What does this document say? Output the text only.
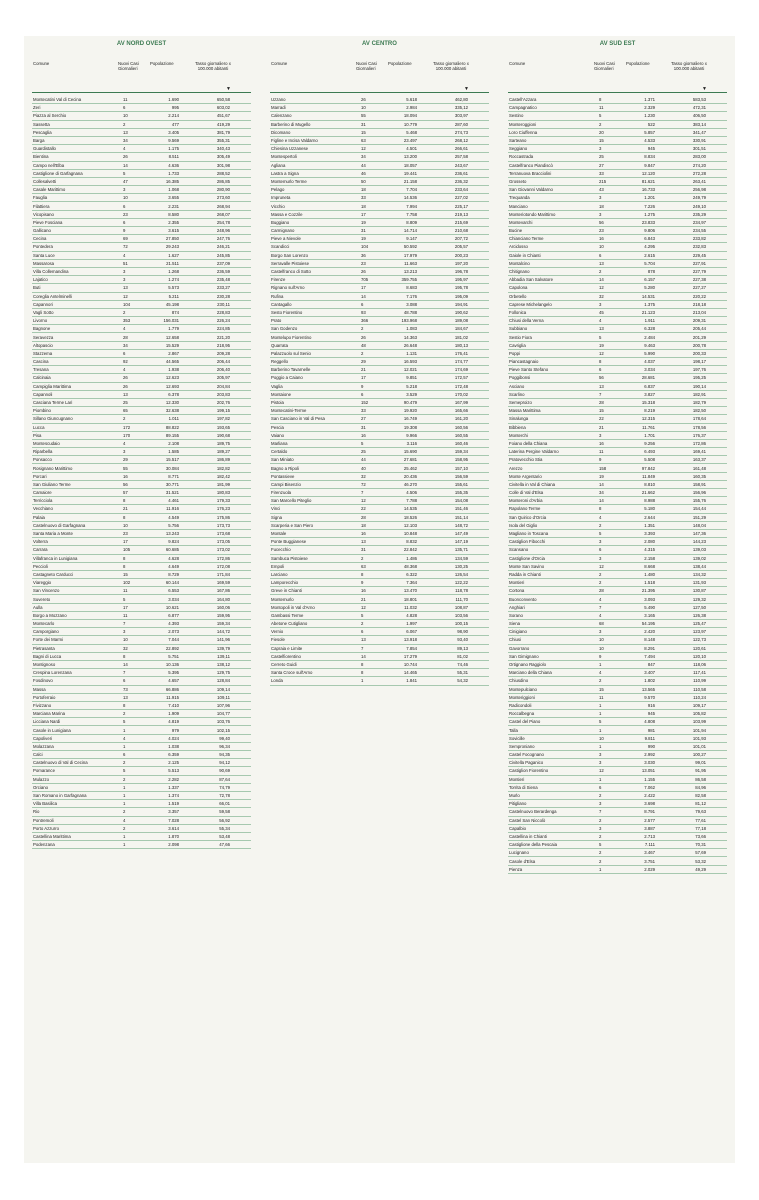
AV NORD OVEST
Comune	Nuovi Casi Giornalieri
Popolazione	Tasso giornaliero x 100.000 abitanti
▼
Montecatini Val di Cecina	11	1.690	650,58
Zeri	6	995	603,02
Piazza al Serchio	10	2.214	451,67
Sassetta	2	477	419,29
Pescaglia	13	3.405	381,79
Barga	34	9.569	355,31
Guardistallo	4	1.175	340,43
Bientina	26	8.511	305,49
Campo nell'Elba	14	4.636	301,98
Castiglione di Garfagnana	5	1.733	288,52
Collesalvetti	47	16.385	286,85
Casale Marittimo	3	1.068	280,90
Fauglia	10	3.655	273,60
Filattiera	6	2.231	268,94
Vicopisano	23	8.580	268,07
Pieve Fosciana	6	2.355	254,78
Gallicano	9	3.615	248,96
Cecina	69	27.850	247,76
Pontedera	72	29.243	246,21
Santa Luce	4	1.627	245,85
Massarosa	51	21.511	237,09
Villa Collemandina	3	1.268	236,59
Lajatico	3	1.274	235,48
Buti	13	5.573	233,27
Coreglia Antelminelli	12	5.211	230,28
Capannori	104	45.198	230,11
Vagli Sotto	2	874	228,83
Livorno	353	156.031	226,24
Bagnone	4	1.779	224,85
Seravezza	28	12.658	221,20
Altopascio	34	15.529	218,95
Stazzema	6	2.867	209,28
Cascina	92	44.565	206,44
Tresana	4	1.938	206,40
Calcinaia	26	12.623	205,97
Campiglia Marittima	26	12.693	204,84
Capannoli	13	6.378	203,83
Casciana Terme Lari	25	12.330	202,76
Piombino	65	32.638	199,15
Sillano Giuncugnano	2	1.011	197,82
Lucca	172	88.822	193,65
Pisa	170	89.155	190,68
Montescudaio	4	2.108	189,75
Riparbella	3	1.585	189,27
Ponsacco	29	15.517	186,89
Rosignano Marittimo	55	30.084	182,82
Porcari	16	8.771	182,42
San Giuliano Terme	56	30.771	181,99
Camaiore	57	31.521	180,83
Terricciola	8	4.461	179,33
Vecchiano	21	11.916	176,23
Palaia	8	4.549	175,86
Castelnuovo di Garfagnana	10	5.756	173,73
Santa Maria a Monte	23	13.243	173,68
Volterra	17	9.824	173,05
Carrara	105	60.685	173,02
Villafranca in Lunigiana	8	4.628	172,86
Peccioli	8	4.649	172,08
Castagneto Carducci	15	8.729	171,84
Viareggio	102	60.144	169,59
San Vincenzo	11	6.553	167,86
Suvereto	5	3.034	164,80
Aulla	17	10.621	160,06
Borgo a Mozzano	11	6.877	159,95
Montecarlo	7	4.393	159,34
Camporgiano	3	2.073	144,72
Forte dei Marmi	10	7.044	141,96
Pietrasanta	32	22.892	139,79
Bagni di Lucca	8	5.751	139,11
Montignoso	14	10.136	138,12
Crespina Lorenzana	7	5.395	129,75
Fosdinovo	6	4.657	128,84
Massa	73	66.886	109,14
Portoferraio	13	11.915	109,11
Fivizzano	8	7.410	107,96
Marciana Marina	2	1.909	104,77
Licciana Nardi	5	4.819	103,76
Casole in Lunigiana	1	979	102,15
Capoliveri	4	4.024	99,40
Molazzana	1	1.038	96,34
Calci	6	6.359	94,35
Castelnuovo di Val di Cecina	2	2.125	94,12
Pomarance	5	5.513	90,69
Mulazzo	2	2.282	87,64
Orciano	1	1.337	74,79
San Romano in Garfagnana	1	1.374	72,78
Villa Basilica	1	1.519	66,01
Rio	2	3.357	59,58
Pontremoli	4	7.028	56,92
Porto Azzurro	2	3.614	55,34
Castellina Marittima	1	1.870	53,48
Podenzana	1	2.098	47,66
AV CENTRO
Comune	Nuovi Casi Giornalieri
Popolazione	Tasso giornaliero x 100.000 abitanti
▼
Uzzano	26	5.618	462,80
Marradi	10	2.984	335,12
Calenzano	55	18.094	303,97
Barberino di Mugello	31	10.779	287,60
Dicomano	15	5.468	274,73
Figline e Incisa Valdarno	63	23.497	268,12
Chiesina Uzzanese	12	4.501	266,61
Montespertoli	34	13.200	257,58
Agliana	44	18.057	243,67
Lastra a Signa	46	19.441	236,61
Montemurlo Terme	50	21.158	236,32
Pelago	18	7.704	233,64
Impruneta	33	14.536	227,02
Vicchio	18	7.994	225,17
Massa e Cozzile	17	7.758	219,13
Buggiano	19	8.809	215,69
Carmignano	31	14.714	210,68
Pieve a Nievole	19	9.147	207,72
Scandicci	104	50.592	205,57
Borgo San Lorenzo	36	17.979	200,23
Serravalle Pistoiese	23	11.663	197,20
Castelfranco di Sotto	26	13.213	196,78
Firenze	705	359.755	195,97
Rignano sull'Arno	17	8.683	195,78
Rufina	14	7.176	195,09
Cantagallo	6	3.088	194,91
Sesto Fiorentino	93	48.788	190,62
Prato	366	193.968	189,08
San Godenzo	2	1.083	184,67
Montelupo Fiorentino	26	14.363	181,02
Quarrata	48	26.648	180,13
Palazzuolo sul Senio	2	1.131	176,41
Reggello	29	16.593	174,77
Barberino Tavarnelle	21	12.021	174,69
Poggio a Caiano	17	9.851	172,57
Vaglia	9	5.218	172,48
Montaione	6	3.529	170,02
Pistoia	152	90.479	167,99
Montecatini-Terme	33	19.920	165,66
San Casciano in Val di Pesa	27	16.749	161,20
Pescia	31	19.308	160,56
Vaiano	16	9.966	160,55
Marliana	5	3.116	160,46
Certaldo	25	15.690	159,34
San Miniato	44	27.681	158,95
Bagno a Ripoli	40	25.462	157,10
Pontassieve	32	20.436	156,59
Campi Bisenzio	72	46.270	155,61
Firenzuola	7	4.506	155,35
San Marcello Piteglio	12	7.788	154,08
Vinci	22	14.535	151,46
Signa	28	18.526	151,14
Scarperia e San Piero	18	12.103	148,72
Montale	16	10.848	147,49
Ponte Buggianese	13	8.832	147,19
Fucecchio	31	22.842	135,71
Sambuca Pistoiese	2	1.486	134,59
Empoli	63	48.368	130,25
Larciano	8	6.322	126,54
Lamporecchio	9	7.364	122,22
Greve in Chianti	16	13.470	118,78
Montemurlo	21	18.801	111,70
Montopoli in Val d'Arno	12	11.032	108,87
Gambassi Terme	5	4.828	103,56
Abetone Cutigliano	2	1.997	100,15
Vernio	6	6.067	98,90
Fiesole	13	13.918	93,40
Capraia e Limite	7	7.854	89,13
Castelfiorentino	14	17.279	81,02
Cerreto Guidi	8	10.744	74,46
Santa Croce sull'Arno	8	14.465	55,31
Londa	1	1.841	54,32
AV SUD EST
Comune	Nuovi Casi Giornalieri
Popolazione	Tasso giornaliero x 100.000 abitanti
▼
Castell'Azzara	8	1.371	583,53
Campagnatico	11	2.329	472,31
Sestino	5	1.230	406,50
Monteroggioni	2	522	383,14
Loro Ciuffenna	20	5.857	341,47
Sarteano	15	4.533	330,91
Seggiano	3	945	301,51
Roccastrada	25	8.834	283,00
Castelfranco Piandiscò	27	9.847	274,20
Terranuova Bracciolini	33	12.120	272,28
Grosseto	215	81.621	263,41
San Giovanni Valdarno	43	16.733	256,98
Trequanda	3	1.201	249,79
Manciano	18	7.226	249,10
Monteriotondo Marittimo	3	1.275	235,29
Montevarchi	56	23.833	234,97
Bucine	23	9.806	234,55
Chianciano Terme	16	6.843	233,82
Arcidosso	10	4.295	232,83
Gaiole in Chianti	6	2.615	229,45
Montalcino	13	5.704	227,91
Chitignano	2	878	227,79
Abbadia San Salvatore	14	6.157	227,38
Capolona	12	5.280	227,27
Orbetello	32	14.531	220,22
Caprese Michelangelo	3	1.375	218,18
Follonica	45	21.123	213,04
Chiusi della Verna	4	1.911	209,31
Subbiano	13	6.328	205,44
Sestio Fiora	5	2.484	201,29
Cavriglia	19	9.463	200,78
Poppi	12	5.990	200,33
Piancastagnaio	8	4.037	198,17
Pieve Santo Stefano	6	3.034	197,76
Poggibonsi	56	28.681	195,25
Asciano	13	6.837	190,14
Scarlino	7	3.827	182,91
Semeproizo	28	15.318	182,79
Massa Marittima	15	8.219	182,50
Sinalunga	22	12.315	178,64
Bibbiena	21	11.761	178,56
Monterchi	3	1.701	176,37
Foiano della Chiana	16	9.256	172,86
Laterina Pergine Valdarno	11	6.493	169,41
Pratovecchio Stia	9	5.508	163,37
Arezzo	158	97.842	161,48
Monte Argentario	19	11.849	160,35
Civitella in Val di Chiana	14	8.810	158,91
Colle di Val d'Elsa	34	21.662	156,96
Monteroni d'Arbia	14	8.988	155,76
Rapolano Terme	8	5.180	154,44
San Quirico d'Orcia	4	2.644	151,29
Isola del Giglio	2	1.351	148,04
Magliano in Toscana	5	3.393	147,36
Castiglion Fibocchi	3	2.080	144,23
Scansano	6	4.315	139,03
Castiglione d'Orcia	3	2.158	139,02
Monte San Savino	12	8.668	138,44
Radda in Chianti	2	1.480	134,32
Montieri	2	1.518	131,93
Cortona	28	21.395	130,87
Buonconvento	4	3.093	129,32
Anghiari	7	5.490	127,50
Sorano	4	3.165	126,38
Siena	68	54.195	125,47
Cinigiano	3	2.420	123,97
Chiusi	10	8.148	122,73
Gavorrano	10	8.291	120,61
San Gimignano	9	7.494	120,10
Ortignano Raggiolo	1	847	118,06
Marciano della Chiana	4	3.407	117,41
Chiusdino	2	1.802	110,99
Montepulciano	15	13.565	110,58
Monteriggioni	11	9.570	110,24
Radicondoli	1	916	109,17
Roccalbegna	1	945	105,82
Castel del Piano	5	4.808	103,99
Talla	1	981	101,94
Sovicille	10	9.811	101,93
Semproniano	1	990	101,01
Castel Focognano	3	2.992	100,27
Civitella Paganico	3	3.030	99,01
Castiglion Fiorentino	12	13.051	91,95
Montieri	1	1.155	86,58
Torrita di Siena	6	7.062	84,96
Murlo	2	2.422	82,58
Pitigliano	3	3.698	81,12
Castelnuovo Berardenga	7	8.791	79,63
Castel San Niccolò	2	2.577	77,61
Capalbio	3	3.887	77,18
Castellina in Chianti	2	2.713	73,66
Castiglione della Pescaia	5	7.111	70,31
Lucignano	2	3.467	57,69
Casole d'Elsa	2	3.751	53,32
Pienza	1	2.029	49,29
